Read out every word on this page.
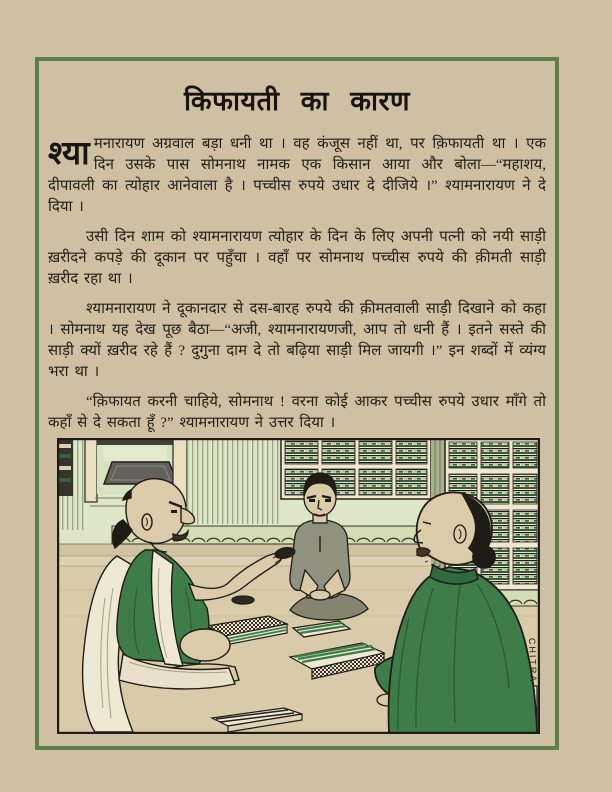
किफायती का कारण

श्या मनारायण अग्रवाल बड़ा धनी था । वह कंजूस नहीं था, पर क़िफायती था । एक दिन उसके पास सोमनाथ नामक एक किसान आया और बोला—“महाशय, दीपावली का त्योहार आनेवाला है । पच्चीस रुपये उधार दे दीजिये ।” श्यामनारायण ने दे दिया ।

उसी दिन शाम को श्यामनारायण त्योहार के दिन के लिए अपनी पत्नी को नयी साड़ी ख़रीदने कपड़े की दूकान पर पहुँचा । वहाँ पर सोमनाथ पच्चीस रुपये की क़ीमती साड़ी ख़रीद रहा था ।

श्यामनारायण ने दूकानदार से दस-बारह रुपये की क़ीमतवाली साड़ी दिखाने को कहा । सोमनाथ यह देख पूछ बैठा—“अजी, श्यामनारायणजी, आप तो धनी हैं । इतने सस्ते की साड़ी क्यों ख़रीद रहे हैं ? दुगुना दाम दे तो बढ़िया साड़ी मिल जायगी ।” इन शब्दों में व्यंग्य भरा था ।

“क़िफायत करनी चाहिये, सोमनाथ ! वरना कोई आकर पच्चीस रुपये उधार माँगे तो कहाँ से दे सकता हूँ ?” श्यामनारायण ने उत्तर दिया ।

CHITRA
